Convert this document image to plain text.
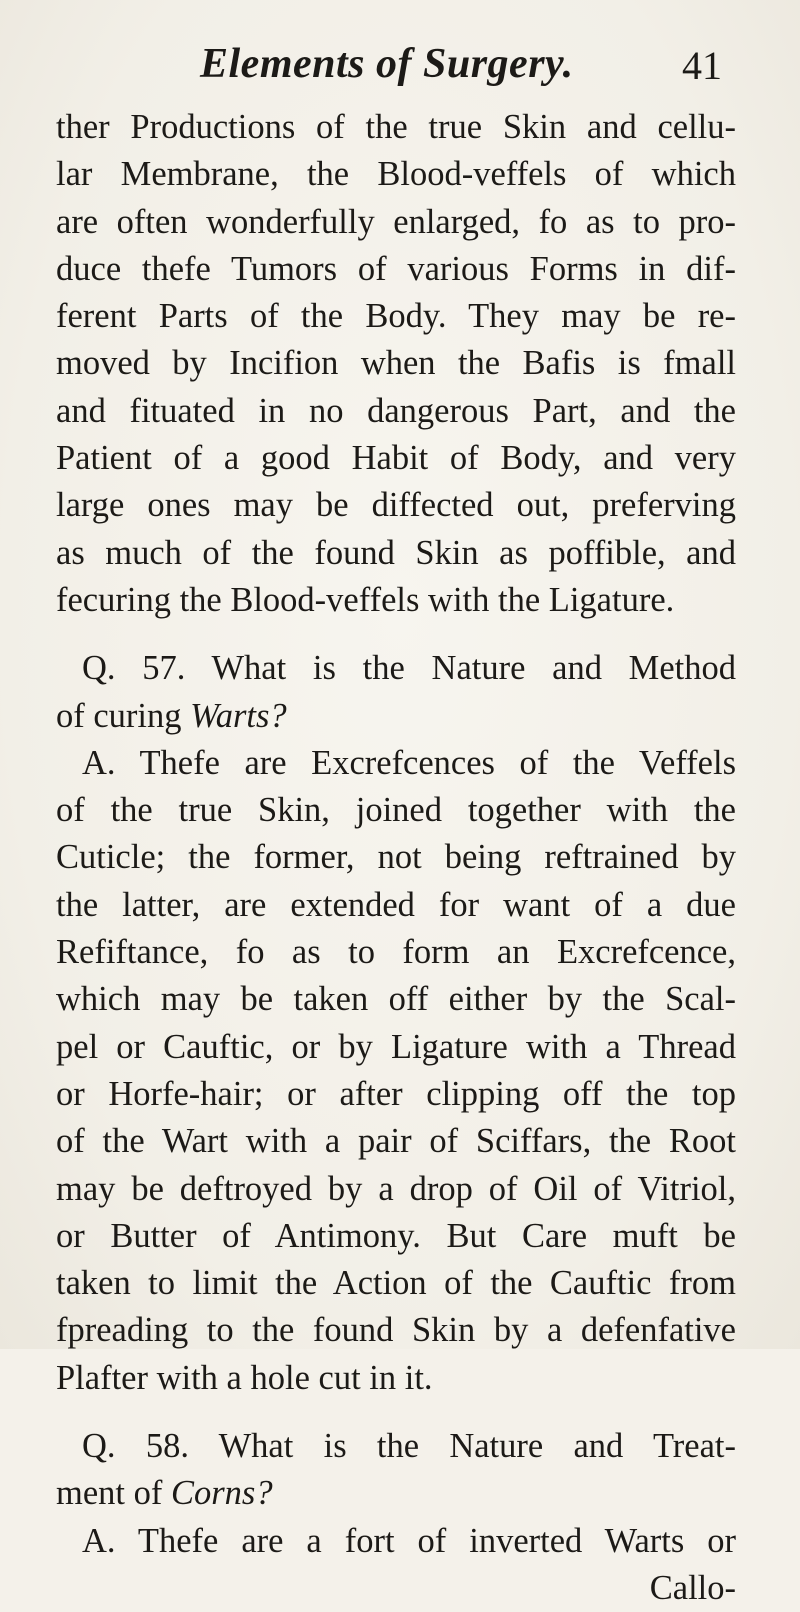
Elements of Surgery.	41
ther Productions of the true Skin and cellu-
lar Membrane, the Blood-veffels of which
are often wonderfully enlarged, fo as to pro-
duce thefe Tumors of various Forms in dif-
ferent Parts of the Body. They may be re-
moved by Incifion when the Bafis is fmall
and fituated in no dangerous Part, and the
Patient of a good Habit of Body, and very
large ones may be diffected out, preferving
as much of the found Skin as poffible, and
fecuring the Blood-veffels with the Ligature.
Q. 57. What is the Nature and Method
of curing Warts?
A. Thefe are Excrefcences of the Veffels
of the true Skin, joined together with the
Cuticle; the former, not being reftrained by
the latter, are extended for want of a due
Refiftance, fo as to form an Excrefcence,
which may be taken off either by the Scal-
pel or Cauftic, or by Ligature with a Thread
or Horfe-hair; or after clipping off the top
of the Wart with a pair of Sciffars, the Root
may be deftroyed by a drop of Oil of Vitriol,
or Butter of Antimony. But Care muft be
taken to limit the Action of the Cauftic from
fpreading to the found Skin by a defenfative
Plafter with a hole cut in it.
Q. 58. What is the Nature and Treat-
ment of Corns?
A. Thefe are a fort of inverted Warts or
Callo-
